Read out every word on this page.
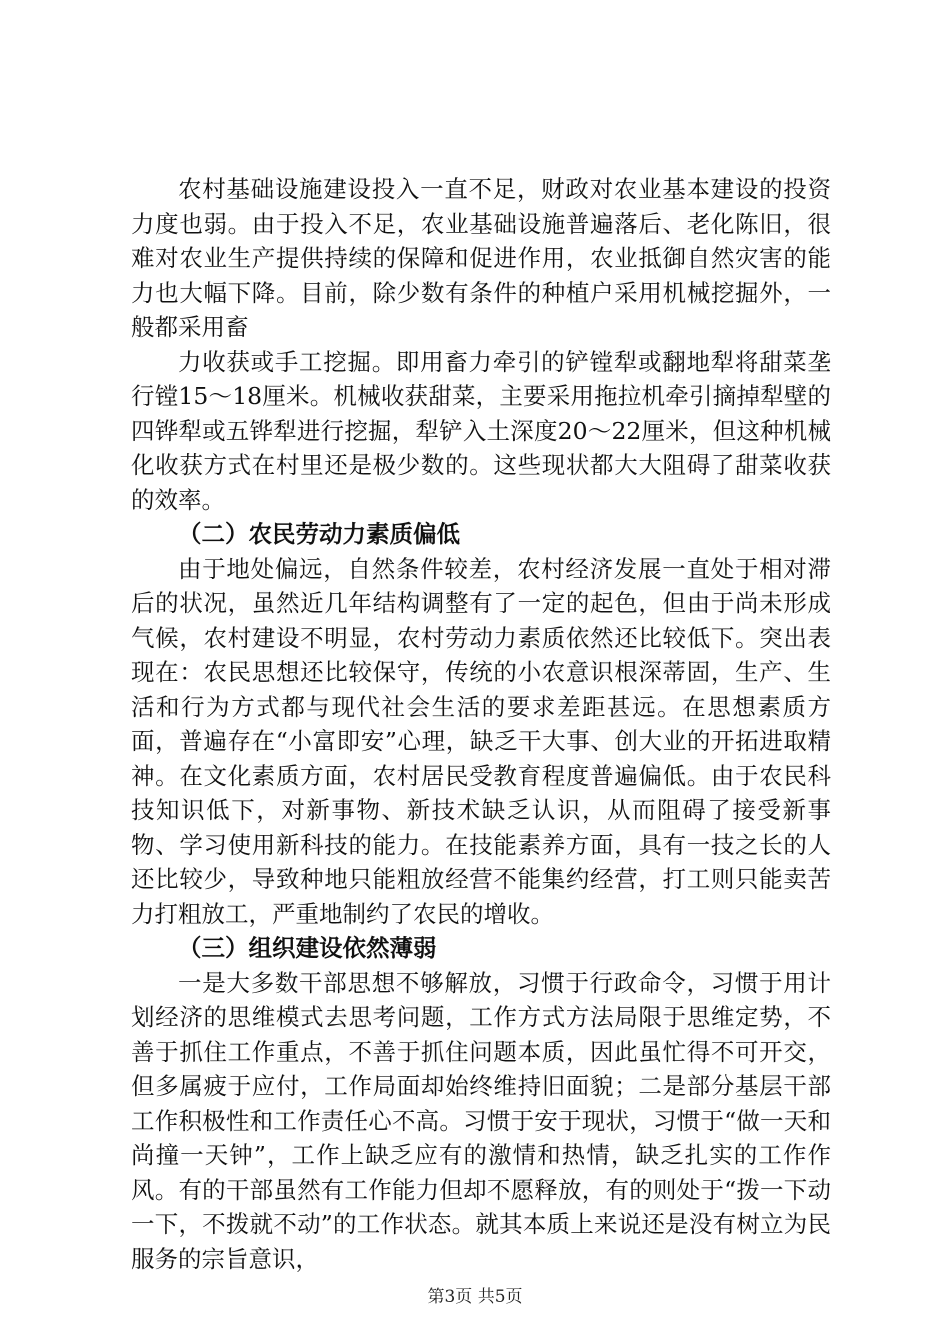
农村基础设施建设投入一直不足，财政对农业基本建设的投资力度也弱。由于投入不足，农业基础设施普遍落后、老化陈旧，很难对农业生产提供持续的保障和促进作用，农业抵御自然灾害的能力也大幅下降。目前，除少数有条件的种植户采用机械挖掘外，一般都采用畜

力收获或手工挖掘。即用畜力牵引的铲镗犁或翻地犁将甜菜垄行镗15～18厘米。机械收获甜菜，主要采用拖拉机牵引摘掉犁壁的四铧犁或五铧犁进行挖掘，犁铲入土深度20～22厘米，但这种机械化收获方式在村里还是极少数的。这些现状都大大阻碍了甜菜收获的效率。

（二）农民劳动力素质偏低

由于地处偏远，自然条件较差，农村经济发展一直处于相对滞后的状况，虽然近几年结构调整有了一定的起色，但由于尚未形成气候，农村建设不明显，农村劳动力素质依然还比较低下。突出表现在：农民思想还比较保守，传统的小农意识根深蒂固，生产、生活和行为方式都与现代社会生活的要求差距甚远。在思想素质方面，普遍存在“小富即安”心理，缺乏干大事、创大业的开拓进取精神。在文化素质方面，农村居民受教育程度普遍偏低。由于农民科技知识低下，对新事物、新技术缺乏认识，从而阻碍了接受新事物、学习使用新科技的能力。在技能素养方面，具有一技之长的人还比较少，导致种地只能粗放经营不能集约经营，打工则只能卖苦力打粗放工，严重地制约了农民的增收。

（三）组织建设依然薄弱

一是大多数干部思想不够解放，习惯于行政命令，习惯于用计划经济的思维模式去思考问题，工作方式方法局限于思维定势，不善于抓住工作重点，不善于抓住问题本质，因此虽忙得不可开交，但多属疲于应付，工作局面却始终维持旧面貌；二是部分基层干部工作积极性和工作责任心不高。习惯于安于现状，习惯于“做一天和尚撞一天钟”，工作上缺乏应有的激情和热情，缺乏扎实的工作作风。有的干部虽然有工作能力但却不愿释放，有的则处于“拨一下动一下，不拨就不动”的工作状态。就其本质上来说还是没有树立为民服务的宗旨意识，

第3页 共5页
